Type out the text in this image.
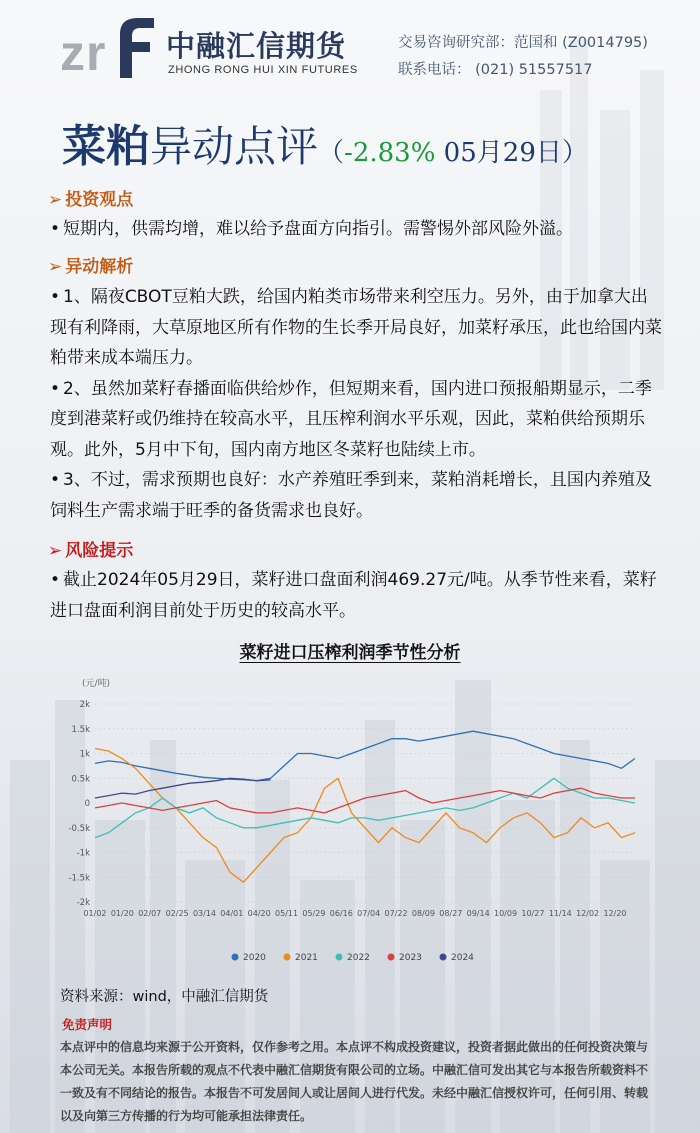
z r 中融汇信期货
ZHONG RONG HUI XIN FUTURES
交易咨询研究部：范国和 (Z0014795)
联系电话： (021) 51557517
菜粕异动点评（-2.83% 05月29日）
➢ 投资观点

• 短期内，供需均增，难以给予盘面方向指引。需警惕外部风险外溢。

➢ 异动解析

• 1、隔夜CBOT豆粕大跌，给国内粕类市场带来利空压力。另外，由于加拿大出现有利降雨，大草原地区所有作物的生长季开局良好，加菜籽承压，此也给国内菜粕带来成本端压力。

• 2、虽然加菜籽春播面临供给炒作，但短期来看，国内进口预报船期显示，二季度到港菜籽或仍维持在较高水平，且压榨利润水平乐观，因此，菜粕供给预期乐观。此外，5月中下旬，国内南方地区冬菜籽也陆续上市。

• 3、不过，需求预期也良好：水产养殖旺季到来，菜粕消耗增长，且国内养殖及饲料生产需求端于旺季的备货需求也良好。

➢ 风险提示

• 截止2024年05月29日，菜籽进口盘面利润469.27元/吨。从季节性来看，菜籽进口盘面利润目前处于历史的较高水平。

菜籽进口压榨利润季节性分析
(元/吨)
2k
1.5k
1k
0.5k
0
-0.5k
-1k
-1.5k
-2k
01/02 01/20 02/07 02/25 03/14 04/01 04/20 05/11 05/29 06/16 07/04 07/22 08/09 08/27 09/14 10/09 10/27 11/14 12/02 12/20
2020	2021	2022	2023	2024
资料来源：wind，中融汇信期货
免责声明
本点评中的信息均来源于公开资料，仅作参考之用。本点评不构成投资建议，投资者据此做出的任何投资决策与本公司无关。本报告所载的观点不代表中融汇信期货有限公司的立场。中融汇信可发出其它与本报告所载资料不一致及有不同结论的报告。本报告不可发居间人或让居间人进行代发。未经中融汇信授权许可，任何引用、转载以及向第三方传播的行为均可能承担法律责任。
